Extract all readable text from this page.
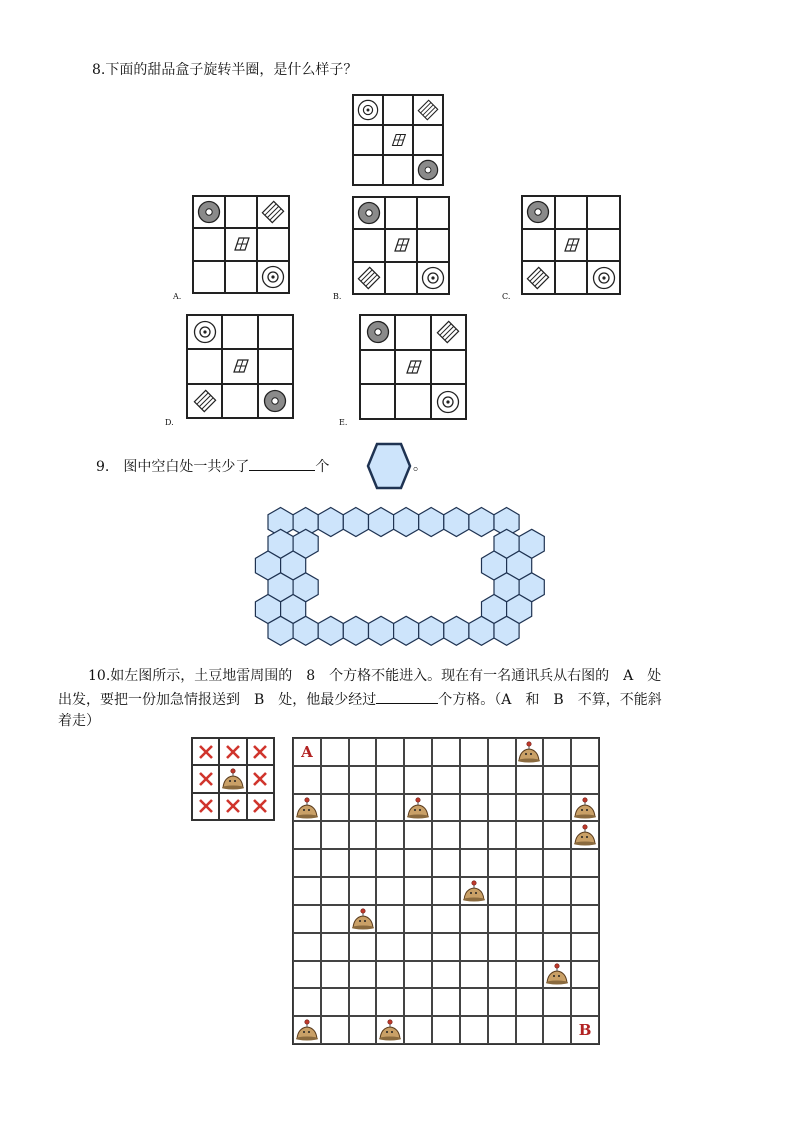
8.下面的甜品盒子旋转半圈，是什么样子？
A.	B.	C.
D.	E.
9.　图中空白处一共少了	个	。
10.如左图所示，土豆地雷周围的　8　个方格不能进入。现在有一名通讯兵从右图的　A　处
出发，要把一份加急情报送到　B　处，他最少经过	个方格。（A　和　B　不算，不能斜
着走）
A
B
